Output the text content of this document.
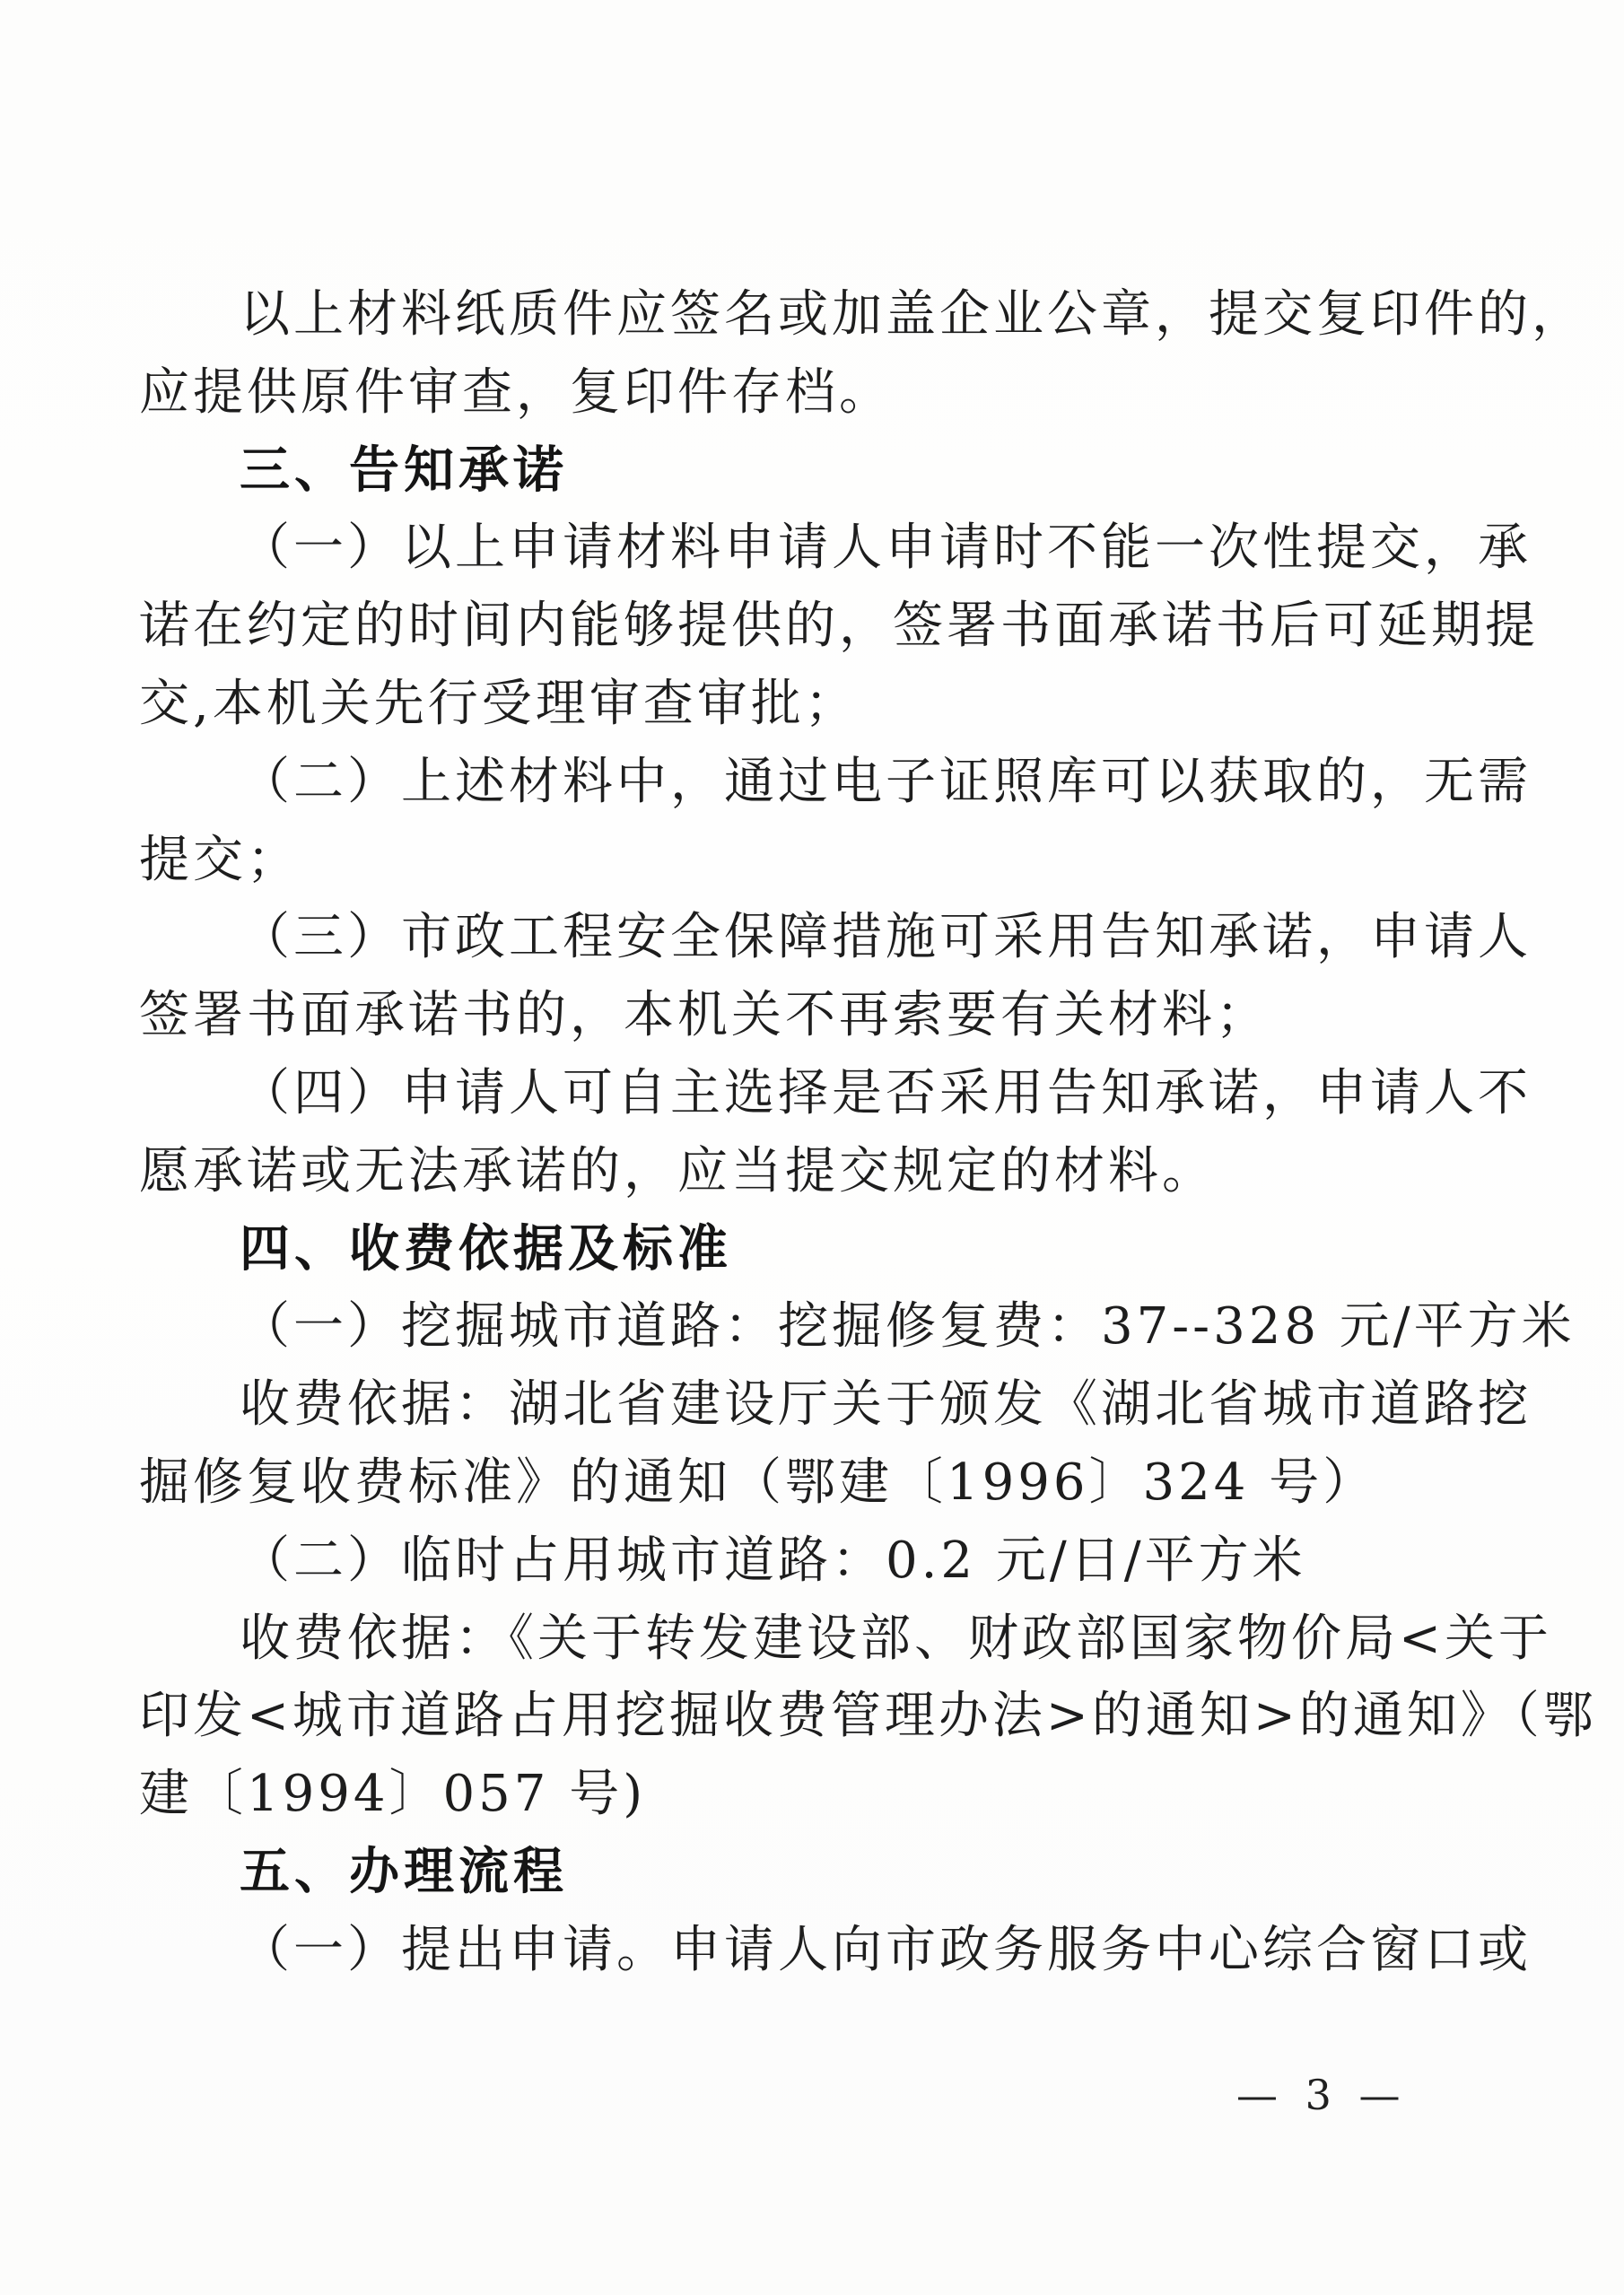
以上材料纸质件应签名或加盖企业公章，提交复印件的，
应提供原件审查，复印件存档。
三、告知承诺
（一）以上申请材料申请人申请时不能一次性提交，承
诺在约定的时间内能够提供的，签署书面承诺书后可延期提
交,本机关先行受理审查审批；
（二）上述材料中，通过电子证照库可以获取的，无需
提交；
（三）市政工程安全保障措施可采用告知承诺，申请人
签署书面承诺书的，本机关不再索要有关材料；
（四）申请人可自主选择是否采用告知承诺，申请人不
愿承诺或无法承诺的，应当提交规定的材料。
四、收费依据及标准
（一）挖掘城市道路：挖掘修复费：37--328 元/平方米
收费依据：湖北省建设厅关于颁发《湖北省城市道路挖
掘修复收费标准》的通知（鄂建〔1996〕324 号）
（二）临时占用城市道路：0.2 元/日/平方米
收费依据：《关于转发建设部、财政部国家物价局<关于
印发<城市道路占用挖掘收费管理办法>的通知>的通知》（鄂
建〔1994〕057 号)
五、办理流程
（一）提出申请。申请人向市政务服务中心综合窗口或
— 3 —
